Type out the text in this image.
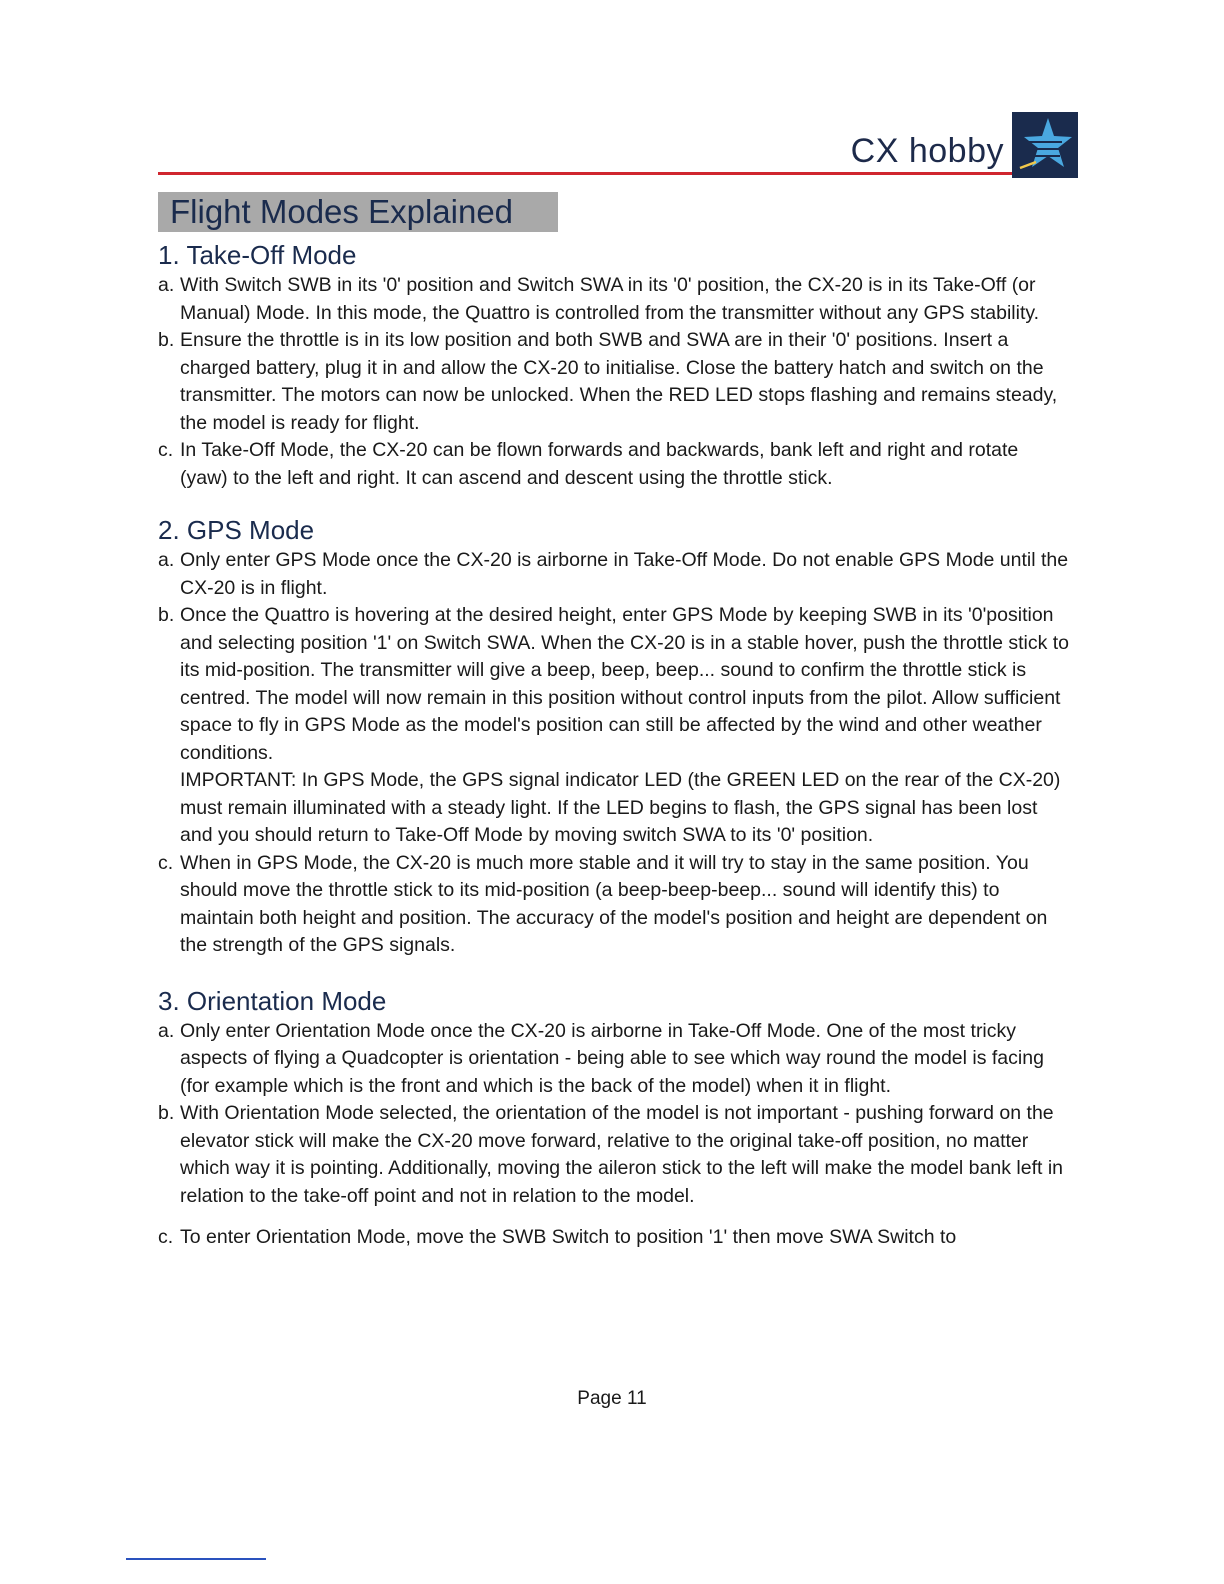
CX hobby
Flight Modes Explained
1. Take-Off Mode
a. With Switch SWB in its '0' position and Switch SWA in its '0' position, the CX-20 is in its Take-Off (or Manual) Mode. In this mode, the Quattro is controlled from the transmitter without any GPS stability.
b. Ensure the throttle is in its low position and both SWB and SWA are in their '0' positions. Insert a charged battery, plug it in and allow the CX-20 to initialise. Close the battery hatch and switch on the transmitter. The motors can now be unlocked. When the RED LED stops flashing and remains steady, the model is ready for flight.
c. In Take-Off Mode, the CX-20 can be flown forwards and backwards, bank left and right and rotate (yaw) to the left and right. It can ascend and descent using the throttle stick.
2. GPS Mode
a. Only enter GPS Mode once the CX-20 is airborne in Take-Off Mode. Do not enable GPS Mode until the CX-20 is in flight.
b. Once the Quattro is hovering at the desired height, enter GPS Mode by keeping SWB in its '0'position and selecting position '1' on Switch SWA. When the CX-20 is in a stable hover, push the throttle stick to its mid-position. The transmitter will give a beep, beep, beep... sound to confirm the throttle stick is centred. The model will now remain in this position without control inputs from the pilot. Allow sufficient space to fly in GPS Mode as the model's position can still be affected by the wind and other weather conditions.
IMPORTANT: In GPS Mode, the GPS signal indicator LED (the GREEN LED on the rear of the CX-20) must remain illuminated with a steady light. If the LED begins to flash, the GPS signal has been lost and you should return to Take-Off Mode by moving switch SWA to its '0' position.
c. When in GPS Mode, the CX-20 is much more stable and it will try to stay in the same position. You should move the throttle stick to its mid-position (a beep-beep-beep... sound will identify this) to maintain both height and position. The accuracy of the model's position and height are dependent on the strength of the GPS signals.
3. Orientation Mode
a. Only enter Orientation Mode once the CX-20 is airborne in Take-Off Mode. One of the most tricky aspects of flying a Quadcopter is orientation - being able to see which way round the model is facing (for example which is the front and which is the back of the model) when it in flight.
b. With Orientation Mode selected, the orientation of the model is not important - pushing forward on the elevator stick will make the CX-20 move forward, relative to the original take-off position, no matter which way it is pointing. Additionally, moving the aileron stick to the left will make the model bank left in relation to the take-off point and not in relation to the model.
c. To enter Orientation Mode, move the SWB Switch to position '1' then move SWA Switch to
Page 11
